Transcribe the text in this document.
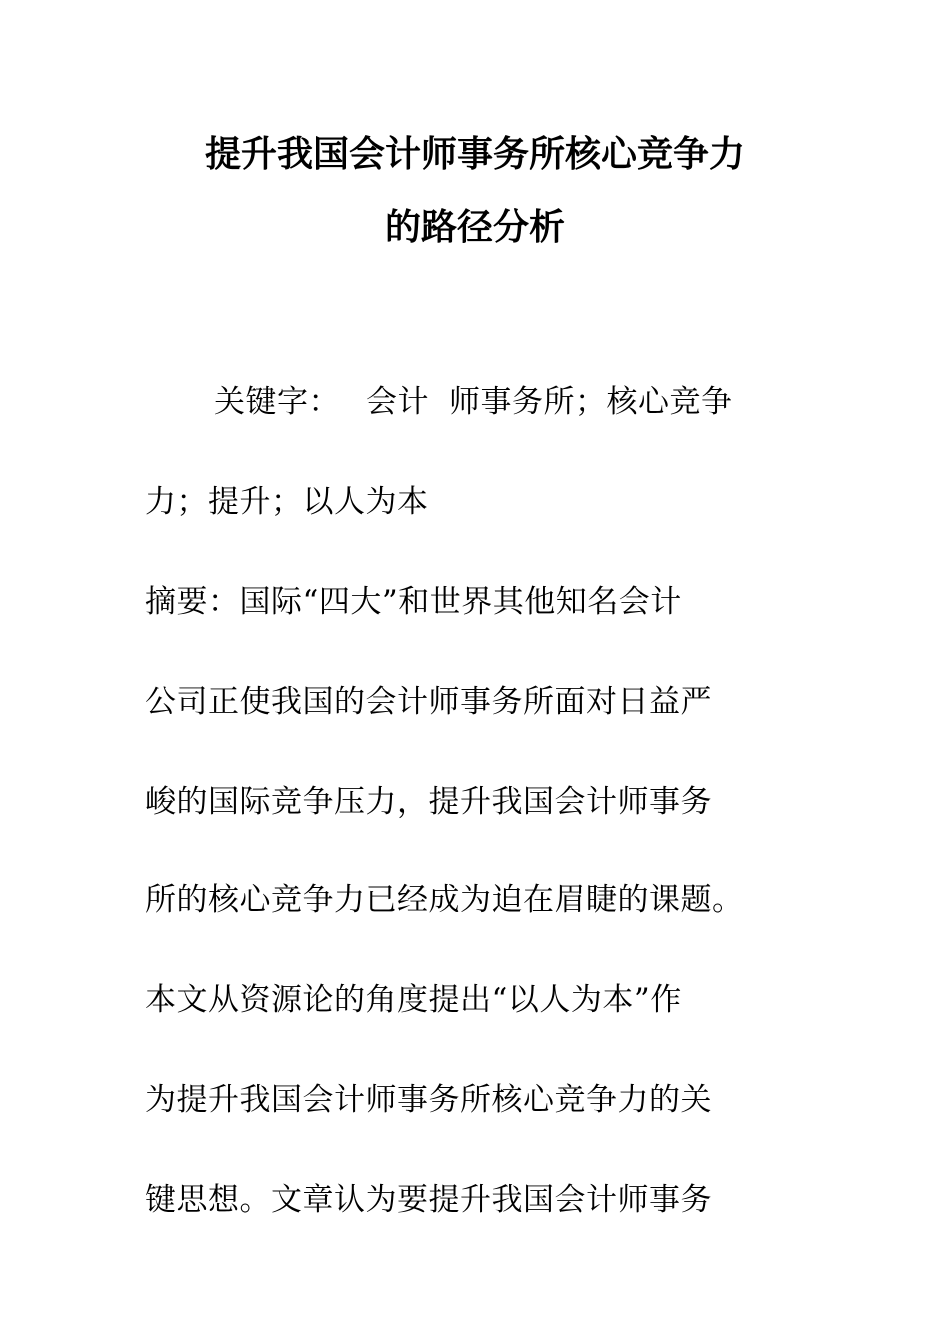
提升我国会计师事务所核心竞争力
的路径分析
关键字： 会计 师事务所；核心竞争
力；提升；以人为本
摘要：国际“四大”和世界其他知名会计
公司正使我国的会计师事务所面对日益严
峻的国际竞争压力，提升我国会计师事务
所的核心竞争力已经成为迫在眉睫的课题。
本文从资源论的角度提出“以人为本”作
为提升我国会计师事务所核心竞争力的关
键思想。文章认为要提升我国会计师事务
